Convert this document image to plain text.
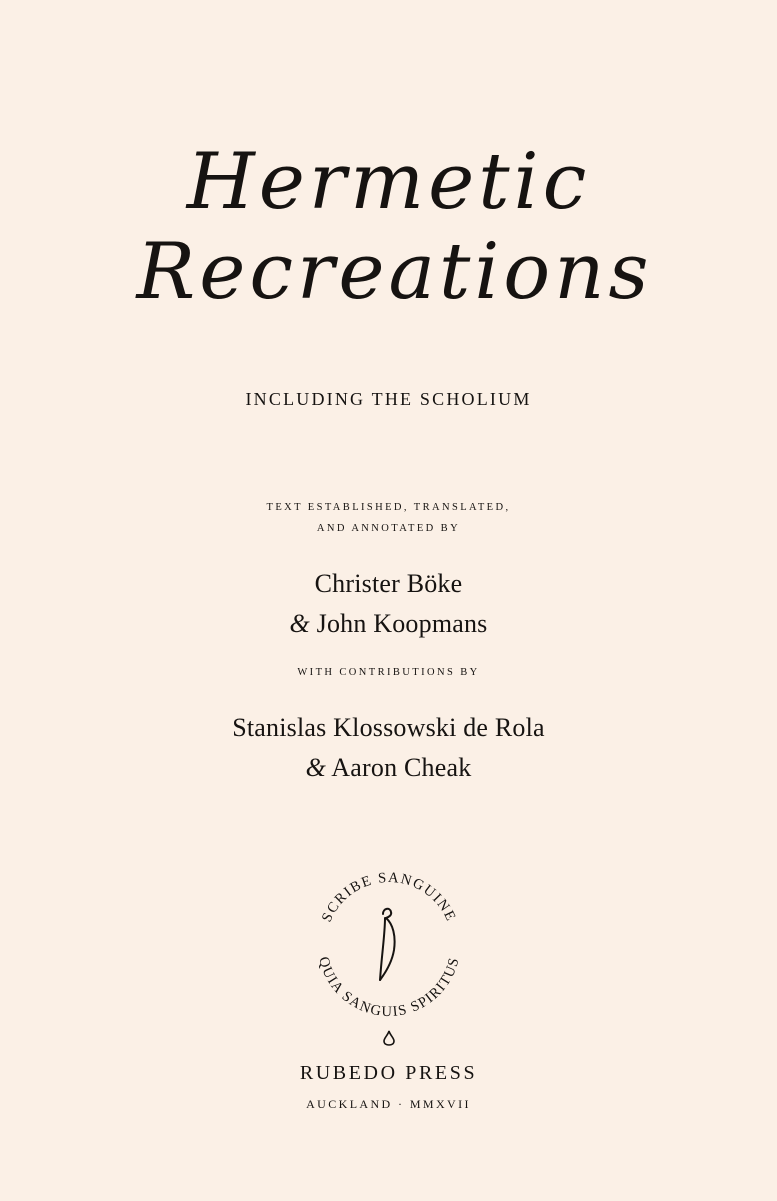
Hermetic
Recreations
INCLUDING THE SCHOLIUM
TEXT ESTABLISHED, TRANSLATED,
AND ANNOTATED BY
Christer Böke
& John Koopmans
WITH CONTRIBUTIONS BY
Stanislas Klossowski de Rola
& Aaron Cheak
SCRIBE SANGUINE
QUIA SANGUIS SPIRITUS
RUBEDO PRESS
AUCKLAND · MMXVII
